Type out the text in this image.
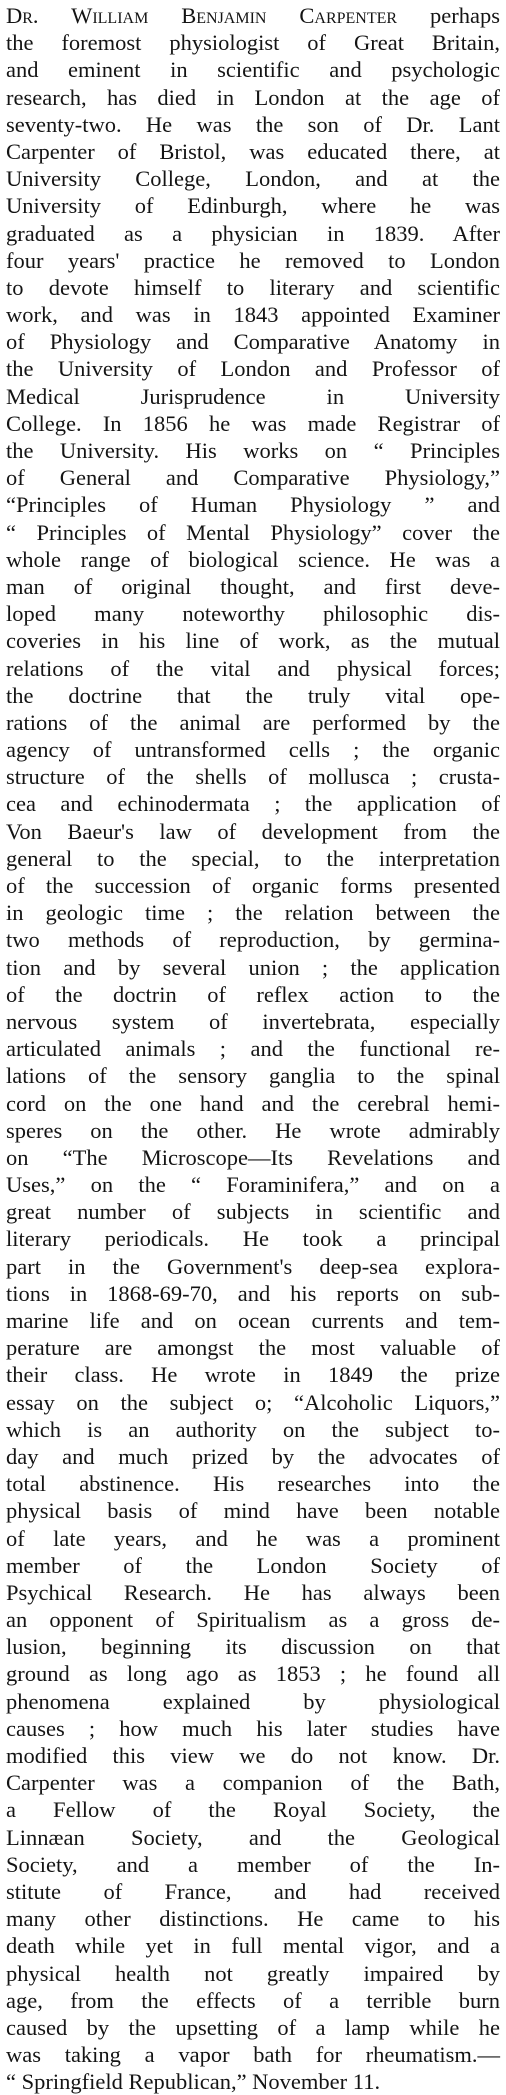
Dr. William Benjamin Carpenter perhaps
the foremost physiologist of Great Britain,
and eminent in scientific and psychologic
research, has died in London at the age of
seventy-two. He was the son of Dr. Lant
Carpenter of Bristol, was educated there, at
University College, London, and at the
University of Edinburgh, where he was
graduated as a physician in 1839. After
four years' practice he removed to London
to devote himself to literary and scientific
work, and was in 1843 appointed Examiner
of Physiology and Comparative Anatomy in
the University of London and Professor of
Medical Jurisprudence in University
College. In 1856 he was made Registrar of
the University. His works on “ Principles
of General and Comparative Physiology,”
“Principles of Human Physiology ” and
“ Principles of Mental Physiology” cover the
whole range of biological science. He was a
man of original thought, and first deve-
loped many noteworthy philosophic dis-
coveries in his line of work, as the mutual
relations of the vital and physical forces;
the doctrine that the truly vital ope-
rations of the animal are performed by the
agency of untransformed cells ; the organic
structure of the shells of mollusca ; crusta-
cea and echinodermata ; the application of
Von Baeur's law of development from the
general to the special, to the interpretation
of the succession of organic forms presented
in geologic time ; the relation between the
two methods of reproduction, by germina-
tion and by several union ; the application
of the doctrin of reflex action to the
nervous system of invertebrata, especially
articulated animals ; and the functional re-
lations of the sensory ganglia to the spinal
cord on the one hand and the cerebral hemi-
speres on the other. He wrote admirably
on “The Microscope—Its Revelations and
Uses,” on the “ Foraminifera,” and on a
great number of subjects in scientific and
literary periodicals. He took a principal
part in the Government's deep-sea explora-
tions in 1868-69-70, and his reports on sub-
marine life and on ocean currents and tem-
perature are amongst the most valuable of
their class. He wrote in 1849 the prize
essay on the subject o; “Alcoholic Liquors,”
which is an authority on the subject to-
day and much prized by the advocates of
total abstinence. His researches into the
physical basis of mind have been notable
of late years, and he was a prominent
member of the London Society of
Psychical Research. He has always been
an opponent of Spiritualism as a gross de-
lusion, beginning its discussion on that
ground as long ago as 1853 ; he found all
phenomena explained by physiological
causes ; how much his later studies have
modified this view we do not know. Dr.
Carpenter was a companion of the Bath,
a Fellow of the Royal Society, the
Linnæan Society, and the Geological
Society, and a member of the In-
stitute of France, and had received
many other distinctions. He came to his
death while yet in full mental vigor, and a
physical health not greatly impaired by
age, from the effects of a terrible burn
caused by the upsetting of a lamp while he
was taking a vapor bath for rheumatism.—
“ Springfield Republican,” November 11.
